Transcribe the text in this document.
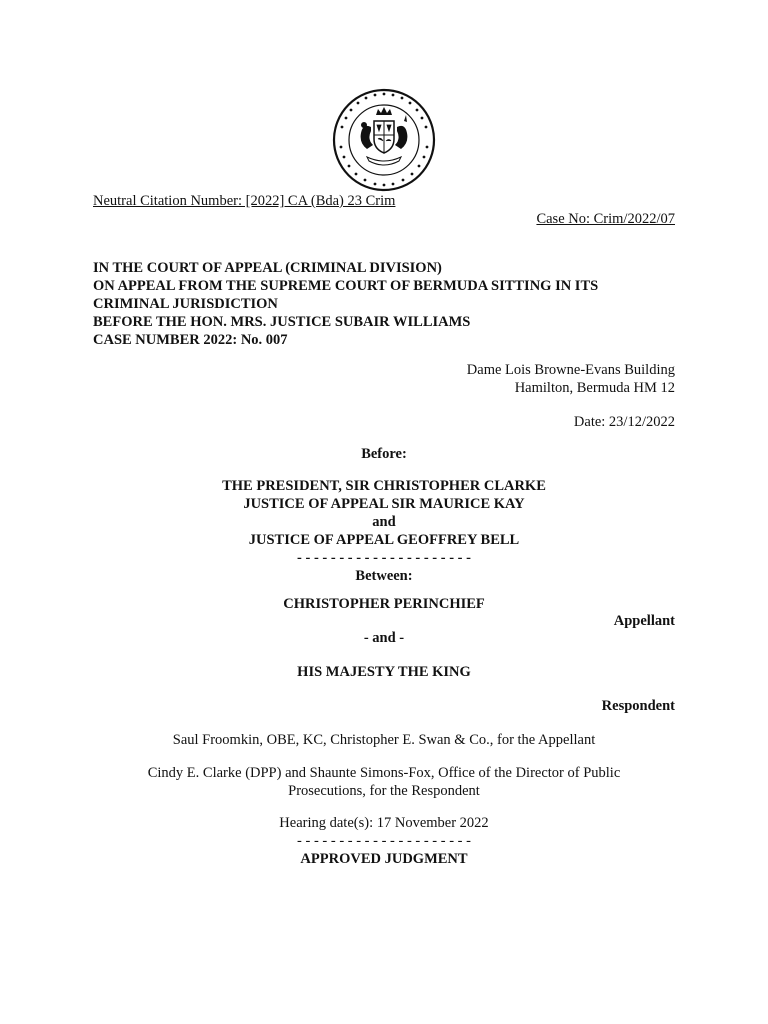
Neutral Citation Number: [2022] CA (Bda) 23 Crim
Case No: Crim/2022/07
IN THE COURT OF APPEAL (CRIMINAL DIVISION)
ON APPEAL FROM THE SUPREME COURT OF BERMUDA SITTING IN ITS
CRIMINAL JURISDICTION
BEFORE THE HON. MRS. JUSTICE SUBAIR WILLIAMS
CASE NUMBER 2022: No. 007
Dame Lois Browne-Evans Building
Hamilton, Bermuda HM 12
Date: 23/12/2022
Before:
THE PRESIDENT, SIR CHRISTOPHER CLARKE
JUSTICE OF APPEAL SIR MAURICE KAY
and
JUSTICE OF APPEAL GEOFFREY BELL
- - - - - - - - - - - - - - - - - - - - -
Between:
CHRISTOPHER PERINCHIEF
Appellant
- and -
HIS MAJESTY THE KING
Respondent
Saul Froomkin, OBE, KC, Christopher E. Swan & Co., for the Appellant
Cindy E. Clarke (DPP) and Shaunte Simons-Fox, Office of the Director of Public
Prosecutions, for the Respondent
Hearing date(s): 17 November 2022
- - - - - - - - - - - - - - - - - - - - -
APPROVED JUDGMENT
